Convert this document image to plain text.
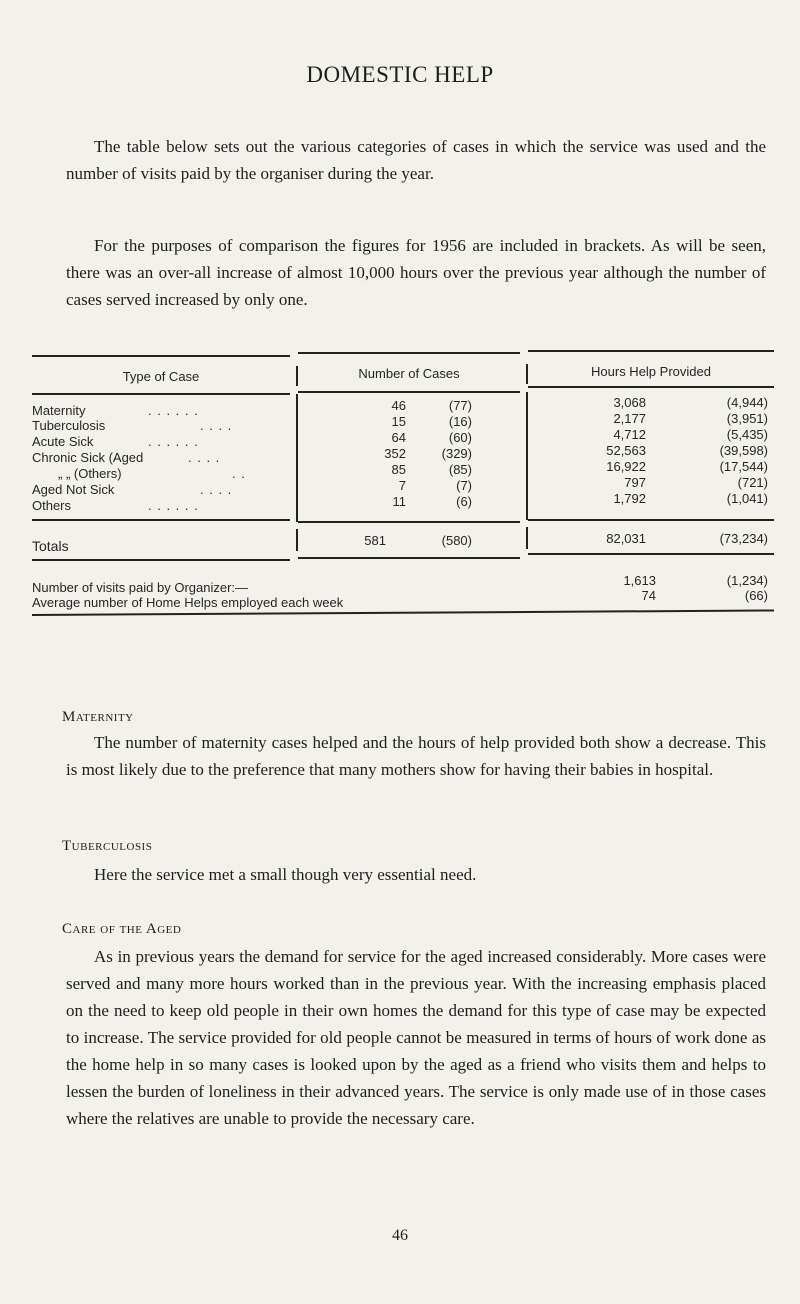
DOMESTIC HELP

The table below sets out the various categories of cases in which the service was used and the number of visits paid by the organiser during the year.

For the purposes of comparison the figures for 1956 are included in brackets. As will be seen, there was an over-all increase of almost 10,000 hours over the previous year although the number of cases served increased by only one.

Type of Case	Number of Cases	Hours Help Provided
Maternity	. . . . . .	46	(77)	3,068	(4,944)
Tuberculosis	. . . .	15	(16)	2,177	(3,951)
Acute Sick	. . . . . .	64	(60)	4,712	(5,435)
Chronic Sick (Aged	. . . .	352	(329)	52,563	(39,598)
„ „ (Others)	. .	85	(85)	16,922	(17,544)
Aged Not Sick	. . . .	7	(7)	797	(721)
Others	. . . . . .	11	(6)	1,792	(1,041)
Totals	581	(580)	82,031	(73,234)
Number of visits paid by Organizer:—	1,613	(1,234)
Average number of Home Helps employed each week	74	(66)
Maternity

The number of maternity cases helped and the hours of help provided both show a decrease. This is most likely due to the preference that many mothers show for having their babies in hospital.

Tuberculosis

Here the service met a small though very essential need.

Care of the Aged

As in previous years the demand for service for the aged increased considerably. More cases were served and many more hours worked than in the previous year. With the increasing emphasis placed on the need to keep old people in their own homes the demand for this type of case may be expected to increase. The service provided for old people cannot be measured in terms of hours of work done as the home help in so many cases is looked upon by the aged as a friend who visits them and helps to lessen the burden of loneliness in their advanced years. The service is only made use of in those cases where the relatives are unable to provide the necessary care.

46
